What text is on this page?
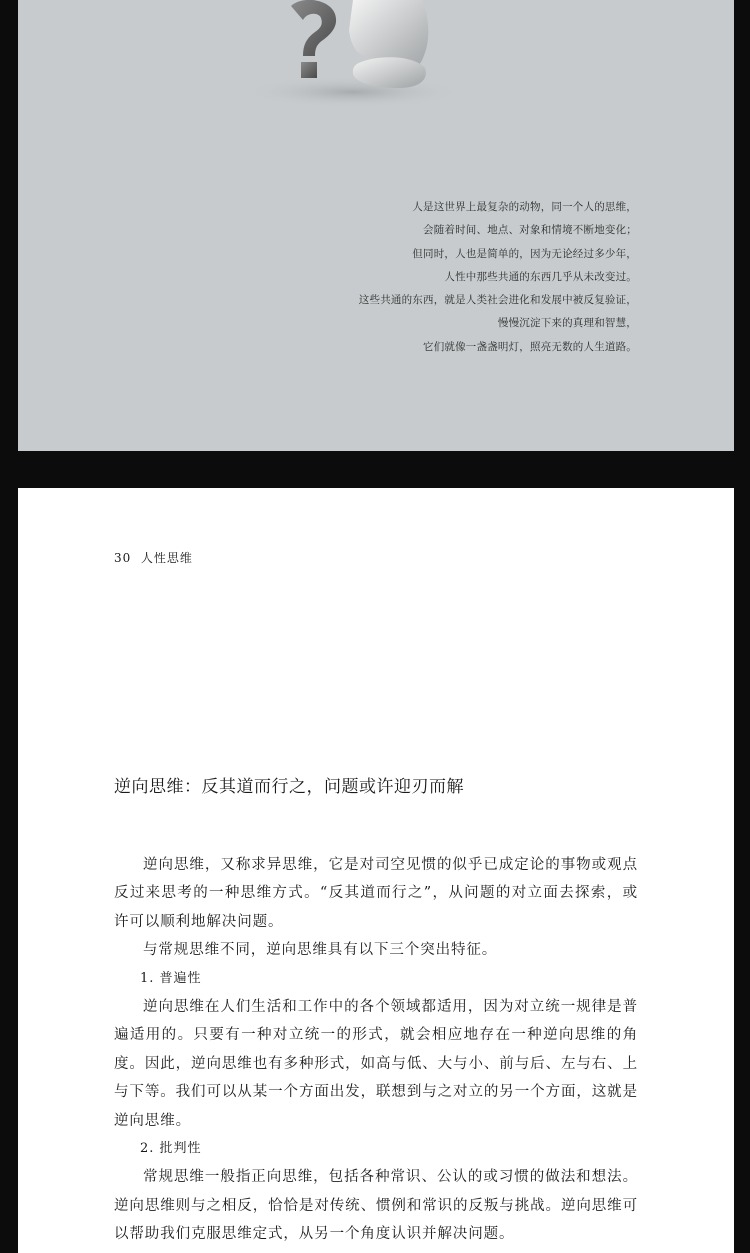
人是这世界上最复杂的动物，同一个人的思维，
会随着时间、地点、对象和情境不断地变化；
但同时，人也是简单的，因为无论经过多少年，
人性中那些共通的东西几乎从未改变过。
这些共通的东西，就是人类社会进化和发展中被反复验证，
慢慢沉淀下来的真理和智慧，
它们就像一盏盏明灯，照亮无数的人生道路。
30 人性思维
逆向思维：反其道而行之，问题或许迎刃而解

逆向思维，又称求异思维，它是对司空见惯的似乎已成定论的事物或观点反过来思考的一种思维方式。“反其道而行之”，从问题的对立面去探索，或许可以顺利地解决问题。

与常规思维不同，逆向思维具有以下三个突出特征。

1. 普遍性

逆向思维在人们生活和工作中的各个领域都适用，因为对立统一规律是普遍适用的。只要有一种对立统一的形式，就会相应地存在一种逆向思维的角度。因此，逆向思维也有多种形式，如高与低、大与小、前与后、左与右、上与下等。我们可以从某一个方面出发，联想到与之对立的另一个方面，这就是逆向思维。

2. 批判性

常规思维一般指正向思维，包括各种常识、公认的或习惯的做法和想法。逆向思维则与之相反，恰恰是对传统、惯例和常识的反叛与挑战。逆向思维可以帮助我们克服思维定式，从另一个角度认识并解决问题。
